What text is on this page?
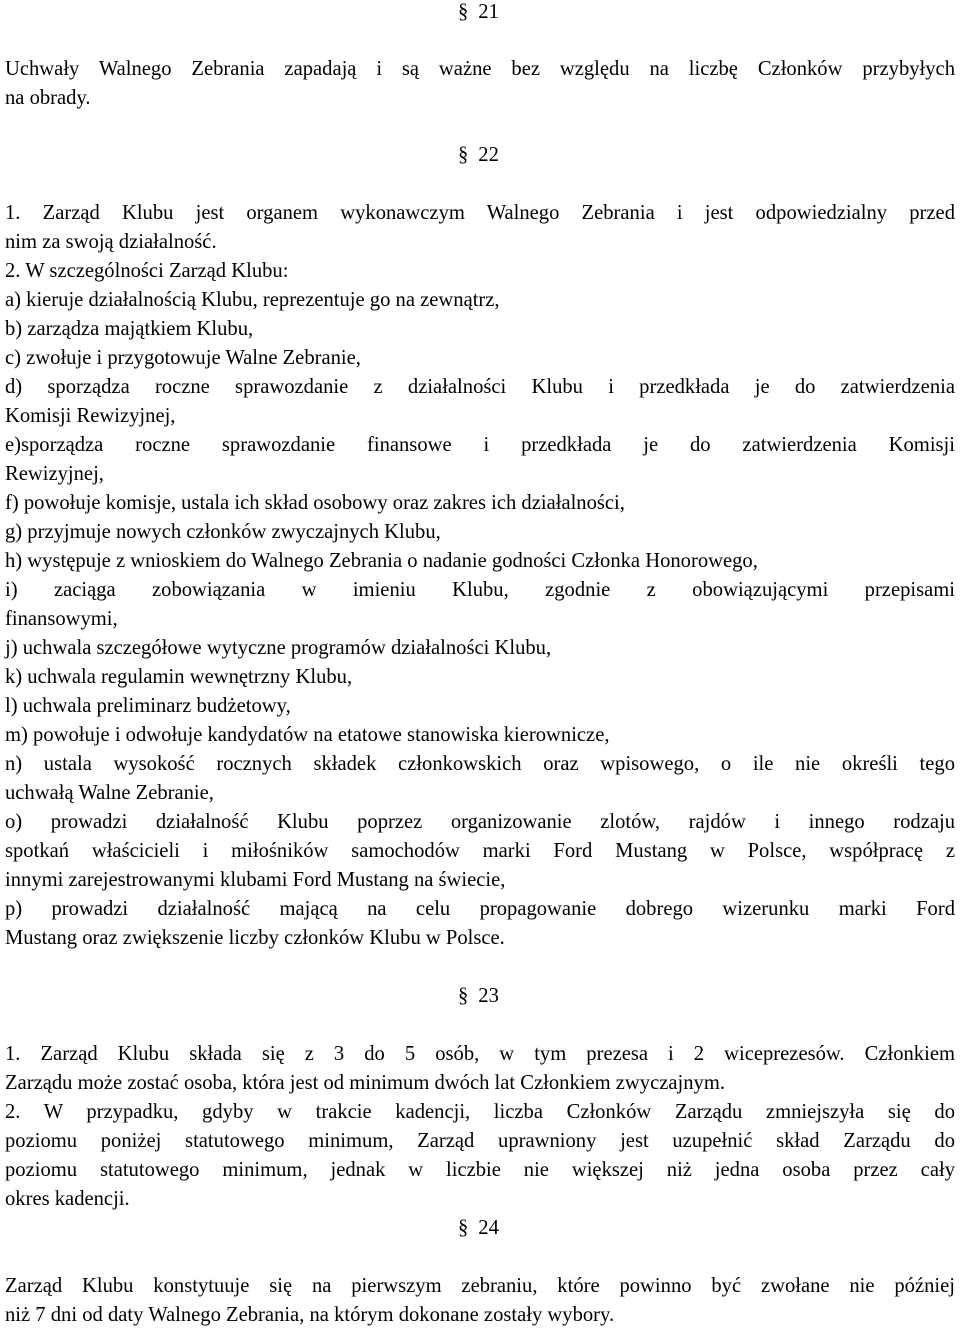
§ 21
Uchwały Walnego Zebrania zapadają i są ważne bez względu na liczbę Członków przybyłych
na obrady.
§ 22
1. Zarząd Klubu jest organem wykonawczym Walnego Zebrania i jest odpowiedzialny przed
nim za swoją działalność.
2. W szczególności Zarząd Klubu:
a) kieruje działalnością Klubu, reprezentuje go na zewnątrz,
b) zarządza majątkiem Klubu,
c) zwołuje i przygotowuje Walne Zebranie,
d) sporządza roczne sprawozdanie z działalności Klubu i przedkłada je do zatwierdzenia
Komisji Rewizyjnej,
e)sporządza roczne sprawozdanie finansowe i przedkłada je do zatwierdzenia Komisji
Rewizyjnej,
f) powołuje komisje, ustala ich skład osobowy oraz zakres ich działalności,
g) przyjmuje nowych członków zwyczajnych Klubu,
h) występuje z wnioskiem do Walnego Zebrania o nadanie godności Członka Honorowego,
i) zaciąga zobowiązania w imieniu Klubu, zgodnie z obowiązującymi przepisami
finansowymi,
j) uchwala szczegółowe wytyczne programów działalności Klubu,
k) uchwala regulamin wewnętrzny Klubu,
l) uchwala preliminarz budżetowy,
m) powołuje i odwołuje kandydatów na etatowe stanowiska kierownicze,
n) ustala wysokość rocznych składek członkowskich oraz wpisowego, o ile nie określi tego
uchwałą Walne Zebranie,
o) prowadzi działalność Klubu poprzez organizowanie zlotów, rajdów i innego rodzaju
spotkań właścicieli i miłośników samochodów marki Ford Mustang w Polsce, współpracę z
innymi zarejestrowanymi klubami Ford Mustang na świecie,
p) prowadzi działalność mającą na celu propagowanie dobrego wizerunku marki Ford
Mustang oraz zwiększenie liczby członków Klubu w Polsce.
§ 23
1. Zarząd Klubu składa się z 3 do 5 osób, w tym prezesa i 2 wiceprezesów. Członkiem
Zarządu może zostać osoba, która jest od minimum dwóch lat Członkiem zwyczajnym.
2. W przypadku, gdyby w trakcie kadencji, liczba Członków Zarządu zmniejszyła się do
poziomu poniżej statutowego minimum, Zarząd uprawniony jest uzupełnić skład Zarządu do
poziomu statutowego minimum, jednak w liczbie nie większej niż jedna osoba przez cały
okres kadencji.
§ 24
Zarząd Klubu konstytuuje się na pierwszym zebraniu, które powinno być zwołane nie później
niż 7 dni od daty Walnego Zebrania, na którym dokonane zostały wybory.
